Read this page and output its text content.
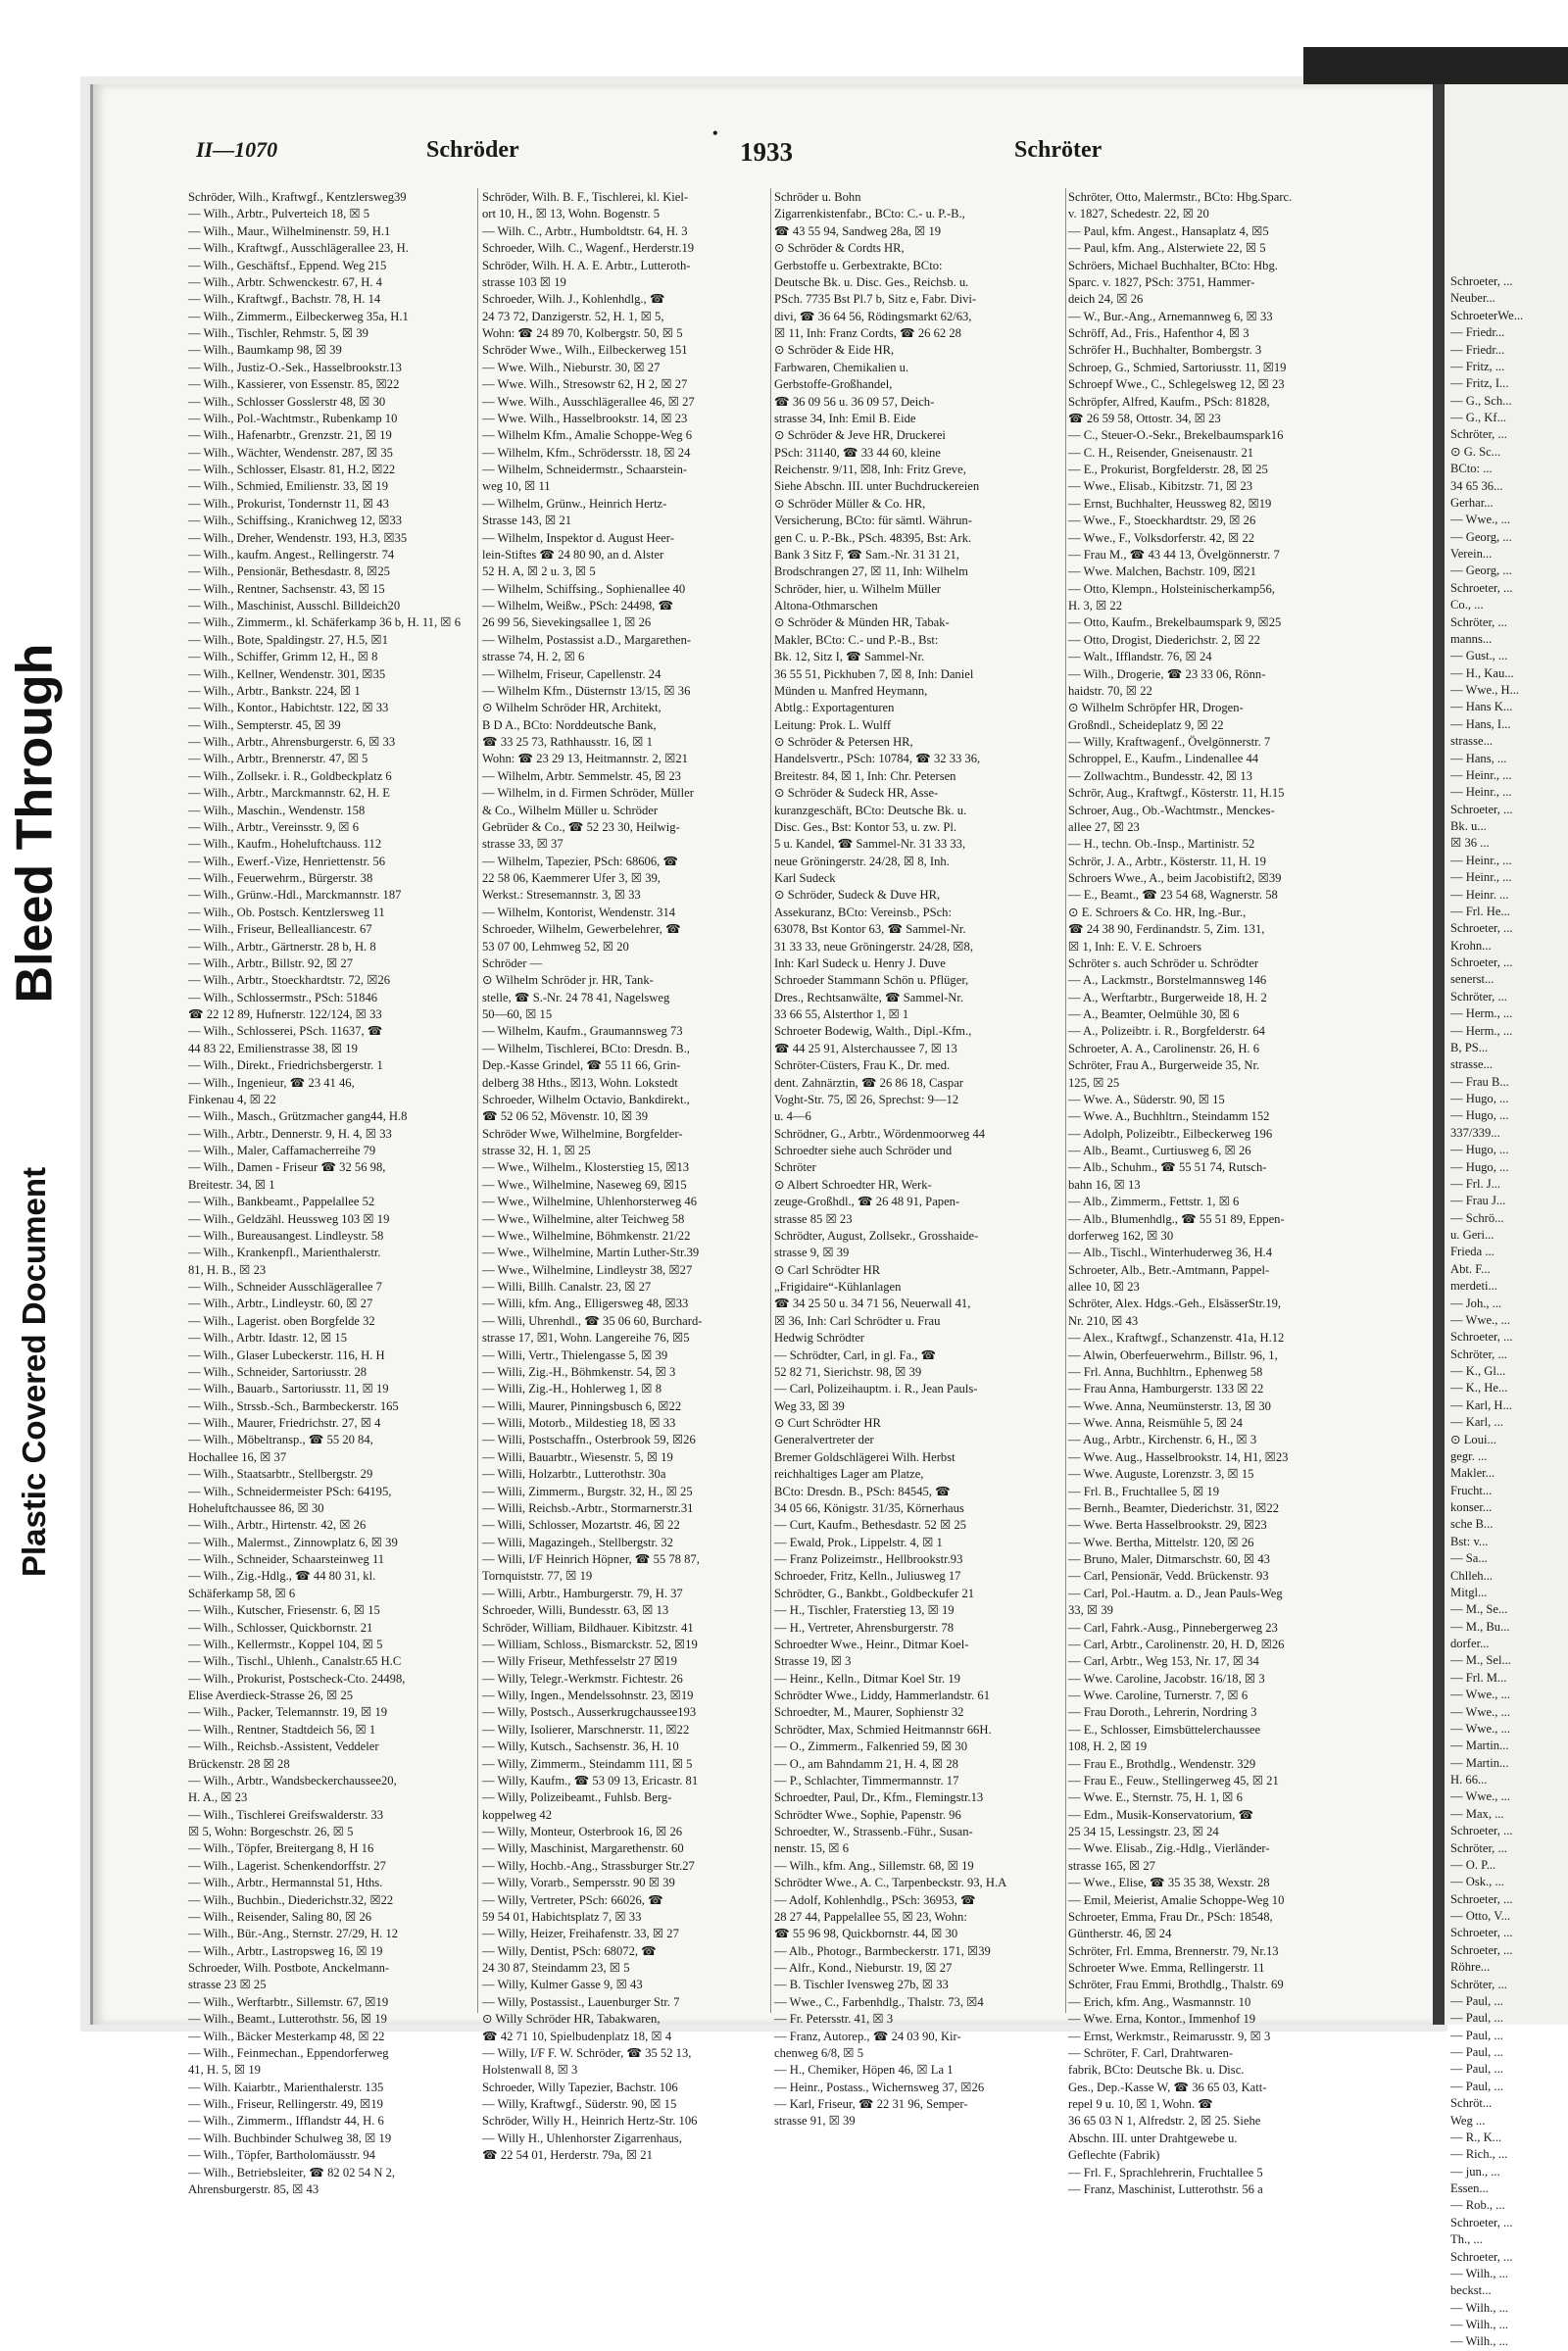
Bleed Through
Plastic Covered Document

Schroeter, ...

Neuber...

SchroeterWe...

— Friedr...

— Friedr...

— Fritz, ...

— Fritz, I...

— G., Sch...

— G., Kf...

Schröter, ...

⊙ G. Sc...

BCto: ...

34 65 36...

Gerhar...

— Wwe., ...

— Georg, ...

Verein...

— Georg, ...

Schroeter, ...

Co., ...

Schröter, ...

manns...

— Gust., ...

— H., Kau...

— Wwe., H...

— Hans K...

— Hans, I...

strasse...

— Hans, ...

— Heinr., ...

— Heinr., ...

Schroeter, ...

Bk. u...

☒ 36 ...

— Heinr., ...

— Heinr., ...

— Heinr. ...

— Frl. He...

Schroeter, ...

Krohn...

Schroeter, ...

senerst...

Schröter, ...

— Herm., ...

— Herm., ...

B, PS...

strasse...

— Frau B...

— Hugo, ...

— Hugo, ...

337/339...

— Hugo, ...

— Hugo, ...

— Frl. J...

— Frau J...

— Schrö...

u. Geri...

Frieda ...

Abt. F...

merdeti...

— Joh., ...

— Wwe., ...

Schroeter, ...

Schröter, ...

— K., Gl...

— K., He...

— Karl, H...

— Karl, ...

⊙ Loui...

gegr. ...

Makler...

Frucht...

konser...

sche B...

Bst: v...

— Sa...

Chlleh...

Mitgl...

— M., Se...

— M., Bu...

dorfer...

— M., Sel...

— Frl. M...

— Wwe., ...

— Wwe., ...

— Wwe., ...

— Martin...

— Martin...

H. 66...

— Wwe., ...

— Max, ...

Schroeter, ...

Schröter, ...

— O. P...

— Osk., ...

Schroeter, ...

— Otto, V...

Schroeter, ...

Schroeter, ...

Röhre...

Schröter, ...

— Paul, ...

— Paul, ...

— Paul, ...

— Paul, ...

— Paul, ...

— Paul, ...

Schröt...

Weg ...

— R., K...

— Rich., ...

— jun., ...

Essen...

— Rob., ...

Schroeter, ...

Th., ...

Schroeter, ...

— Wilh., ...

beckst...

— Wilh., ...

— Wilh., ...

— Wilh., ...

II—1070	Schröder
•
1933	Schröter

Schröder, Wilh., Kraftwgf., Kentzlersweg39

— Wilh., Arbtr., Pulverteich 18, ☒ 5

— Wilh., Maur., Wilhelminenstr. 59, H.1

— Wilh., Kraftwgf., Ausschlägerallee 23, H.

— Wilh., Geschäftsf., Eppend. Weg 215

— Wilh., Arbtr. Schwenckestr. 67, H. 4

— Wilh., Kraftwgf., Bachstr. 78, H. 14

— Wilh., Zimmerm., Eilbeckerweg 35a, H.1

— Wilh., Tischler, Rehmstr. 5, ☒ 39

— Wilh., Baumkamp 98, ☒ 39

— Wilh., Justiz-O.-Sek., Hasselbrookstr.13

— Wilh., Kassierer, von Essenstr. 85, ☒22

— Wilh., Schlosser Gosslerstr 48, ☒ 30

— Wilh., Pol.-Wachtmstr., Rubenkamp 10

— Wilh., Hafenarbtr., Grenzstr. 21, ☒ 19

— Wilh., Wächter, Wendenstr. 287, ☒ 35

— Wilh., Schlosser, Elsastr. 81, H.2, ☒22

— Wilh., Schmied, Emilienstr. 33, ☒ 19

— Wilh., Prokurist, Tondernstr 11, ☒ 43

— Wilh., Schiffsing., Kranichweg 12, ☒33

— Wilh., Dreher, Wendenstr. 193, H.3, ☒35

— Wilh., kaufm. Angest., Rellingerstr. 74

— Wilh., Pensionär, Bethesdastr. 8, ☒25

— Wilh., Rentner, Sachsenstr. 43, ☒ 15

— Wilh., Maschinist, Ausschl. Billdeich20

— Wilh., Zimmerm., kl. Schäferkamp 36 b, H. 11, ☒ 6

— Wilh., Bote, Spaldingstr. 27, H.5, ☒1

— Wilh., Schiffer, Grimm 12, H., ☒ 8

— Wilh., Kellner, Wendenstr. 301, ☒35

— Wilh., Arbtr., Bankstr. 224, ☒ 1

— Wilh., Kontor., Habichtstr. 122, ☒ 33

— Wilh., Sempterstr. 45, ☒ 39

— Wilh., Arbtr., Ahrensburgerstr. 6, ☒ 33

— Wilh., Arbtr., Brennerstr. 47, ☒ 5

— Wilh., Zollsekr. i. R., Goldbeckplatz 6

— Wilh., Arbtr., Marckmannstr. 62, H. E

— Wilh., Maschin., Wendenstr. 158

— Wilh., Arbtr., Vereinsstr. 9, ☒ 6

— Wilh., Kaufm., Hoheluftchauss. 112

— Wilh., Ewerf.-Vize, Henriettenstr. 56

— Wilh., Feuerwehrm., Bürgerstr. 38

— Wilh., Grünw.-Hdl., Marckmannstr. 187

— Wilh., Ob. Postsch. Kentzlersweg 11

— Wilh., Friseur, Bellealliancestr. 67

— Wilh., Arbtr., Gärtnerstr. 28 b, H. 8

— Wilh., Arbtr., Billstr. 92, ☒ 27

— Wilh., Arbtr., Stoeckhardtstr. 72, ☒26

— Wilh., Schlossermstr., PSch: 51846

☎ 22 12 89, Hufnerstr. 122/124, ☒ 33

— Wilh., Schlosserei, PSch. 11637, ☎

44 83 22, Emilienstrasse 38, ☒ 19

— Wilh., Direkt., Friedrichsbergerstr. 1

— Wilh., Ingenieur, ☎ 23 41 46,

Finkenau 4, ☒ 22

— Wilh., Masch., Grützmacher gang44, H.8

— Wilh., Arbtr., Dennerstr. 9, H. 4, ☒ 33

— Wilh., Maler, Caffamacherreihe 79

— Wilh., Damen - Friseur ☎ 32 56 98,

Breitestr. 34, ☒ 1

— Wilh., Bankbeamt., Pappelallee 52

— Wilh., Geldzähl. Heussweg 103 ☒ 19

— Wilh., Bureausangest. Lindleystr. 58

— Wilh., Krankenpfl., Marienthalerstr.

81, H. B., ☒ 23

— Wilh., Schneider Ausschlägerallee 7

— Wilh., Arbtr., Lindleystr. 60, ☒ 27

— Wilh., Lagerist. oben Borgfelde 32

— Wilh., Arbtr. Idastr. 12, ☒ 15

— Wilh., Glaser Lubeckerstr. 116, H. H

— Wilh., Schneider, Sartoriusstr. 28

— Wilh., Bauarb., Sartoriusstr. 11, ☒ 19

— Wilh., Strssb.-Sch., Barmbeckerstr. 165

— Wilh., Maurer, Friedrichstr. 27, ☒ 4

— Wilh., Möbeltransp., ☎ 55 20 84,

Hochallee 16, ☒ 37

— Wilh., Staatsarbtr., Stellbergstr. 29

— Wilh., Schneidermeister PSch: 64195,

Hoheluftchaussee 86, ☒ 30

— Wilh., Arbtr., Hirtenstr. 42, ☒ 26

— Wilh., Malermst., Zinnowplatz 6, ☒ 39

— Wilh., Schneider, Schaarsteinweg 11

— Wilh., Zig.-Hdlg., ☎ 44 80 31, kl.

Schäferkamp 58, ☒ 6

— Wilh., Kutscher, Friesenstr. 6, ☒ 15

— Wilh., Schlosser, Quickbornstr. 21

— Wilh., Kellermstr., Koppel 104, ☒ 5

— Wilh., Tischl., Uhlenh., Canalstr.65 H.C

— Wilh., Prokurist, Postscheck-Cto. 24498,

Elise Averdieck-Strasse 26, ☒ 25

— Wilh., Packer, Telemannstr. 19, ☒ 19

— Wilh., Rentner, Stadtdeich 56, ☒ 1

— Wilh., Reichsb.-Assistent, Veddeler

Brückenstr. 28 ☒ 28

— Wilh., Arbtr., Wandsbeckerchaussee20,

H. A., ☒ 23

— Wilh., Tischlerei Greifswalderstr. 33

☒ 5, Wohn: Borgeschstr. 26, ☒ 5

— Wilh., Töpfer, Breitergang 8, H 16

— Wilh., Lagerist. Schenkendorffstr. 27

— Wilh., Arbtr., Hermannstal 51, Hths.

— Wilh., Buchbin., Diederichstr.32, ☒22

— Wilh., Reisender, Saling 80, ☒ 26

— Wilh., Bür.-Ang., Sternstr. 27/29, H. 12

— Wilh., Arbtr., Lastropsweg 16, ☒ 19

Schroeder, Wilh. Postbote, Anckelmann-

strasse 23 ☒ 25

— Wilh., Werftarbtr., Sillemstr. 67, ☒19

— Wilh., Beamt., Lutterothstr. 56, ☒ 19

— Wilh., Bäcker Mesterkamp 48, ☒ 22

— Wilh., Feinmechan., Eppendorferweg

41, H. 5, ☒ 19

— Wilh. Kaiarbtr., Marienthalerstr. 135

— Wilh., Friseur, Rellingerstr. 49, ☒19

— Wilh., Zimmerm., Ifflandstr 44, H. 6

— Wilh. Buchbinder Schulweg 38, ☒ 19

— Wilh., Töpfer, Bartholomäusstr. 94

— Wilh., Betriebsleiter, ☎ 82 02 54 N 2,

Ahrensburgerstr. 85, ☒ 43

Schröder, Wilh. B. F., Tischlerei, kl. Kiel-

ort 10, H., ☒ 13, Wohn. Bogenstr. 5

— Wilh. C., Arbtr., Humboldtstr. 64, H. 3

Schroeder, Wilh. C., Wagenf., Herderstr.19

Schröder, Wilh. H. A. E. Arbtr., Lutteroth-

strasse 103 ☒ 19

Schroeder, Wilh. J., Kohlenhdlg., ☎

24 73 72, Danzigerstr. 52, H. 1, ☒ 5,

Wohn: ☎ 24 89 70, Kolbergstr. 50, ☒ 5

Schröder Wwe., Wilh., Eilbeckerweg 151

— Wwe. Wilh., Nieburstr. 30, ☒ 27

— Wwe. Wilh., Stresowstr 62, H 2, ☒ 27

— Wwe. Wilh., Ausschlägerallee 46, ☒ 27

— Wwe. Wilh., Hasselbrookstr. 14, ☒ 23

— Wilhelm Kfm., Amalie Schoppe-Weg 6

— Wilhelm, Kfm., Schrödersstr. 18, ☒ 24

— Wilhelm, Schneidermstr., Schaarstein-

weg 10, ☒ 11

— Wilhelm, Grünw., Heinrich Hertz-

Strasse 143, ☒ 21

— Wilhelm, Inspektor d. August Heer-

lein-Stiftes ☎ 24 80 90, an d. Alster

52 H. A, ☒ 2 u. 3, ☒ 5

— Wilhelm, Schiffsing., Sophienallee 40

— Wilhelm, Weißw., PSch: 24498, ☎

26 99 56, Sievekingsallee 1, ☒ 26

— Wilhelm, Postassist a.D., Margarethen-

strasse 74, H. 2, ☒ 6

— Wilhelm, Friseur, Capellenstr. 24

— Wilhelm Kfm., Düsternstr 13/15, ☒ 36

⊙ Wilhelm Schröder HR, Architekt,

B D A., BCto: Norddeutsche Bank,

☎ 33 25 73, Rathhausstr. 16, ☒ 1

Wohn: ☎ 23 29 13, Heitmannstr. 2, ☒21

— Wilhelm, Arbtr. Semmelstr. 45, ☒ 23

— Wilhelm, in d. Firmen Schröder, Müller

& Co., Wilhelm Müller u. Schröder

Gebrüder & Co., ☎ 52 23 30, Heilwig-

strasse 33, ☒ 37

— Wilhelm, Tapezier, PSch: 68606, ☎

22 58 06, Kaemmerer Ufer 3, ☒ 39,

Werkst.: Stresemannstr. 3, ☒ 33

— Wilhelm, Kontorist, Wendenstr. 314

Schroeder, Wilhelm, Gewerbelehrer, ☎

53 07 00, Lehmweg 52, ☒ 20

Schröder —

⊙ Wilhelm Schröder jr. HR, Tank-

stelle, ☎ S.-Nr. 24 78 41, Nagelsweg

50—60, ☒ 15

— Wilhelm, Kaufm., Graumannsweg 73

— Wilhelm, Tischlerei, BCto: Dresdn. B.,

Dep.-Kasse Grindel, ☎ 55 11 66, Grin-

delberg 38 Hths., ☒13, Wohn. Lokstedt

Schroeder, Wilhelm Octavio, Bankdirekt.,

☎ 52 06 52, Mövenstr. 10, ☒ 39

Schröder Wwe, Wilhelmine, Borgfelder-

strasse 32, H. 1, ☒ 25

— Wwe., Wilhelm., Klosterstieg 15, ☒13

— Wwe., Wilhelmine, Naseweg 69, ☒15

— Wwe., Wilhelmine, Uhlenhorsterweg 46

— Wwe., Wilhelmine, alter Teichweg 58

— Wwe., Wilhelmine, Böhmkenstr. 21/22

— Wwe., Wilhelmine, Martin Luther-Str.39

— Wwe., Wilhelmine, Lindleystr 38, ☒27

— Willi, Billh. Canalstr. 23, ☒ 27

— Willi, kfm. Ang., Elligersweg 48, ☒33

— Willi, Uhrenhdl., ☎ 35 06 60, Burchard-

strasse 17, ☒1, Wohn. Langereihe 76, ☒5

— Willi, Vertr., Thielengasse 5, ☒ 39

— Willi, Zig.-H., Böhmkenstr. 54, ☒ 3

— Willi, Zig.-H., Hohlerweg 1, ☒ 8

— Willi, Maurer, Pinningsbusch 6, ☒22

— Willi, Motorb., Mildestieg 18, ☒ 33

— Willi, Postschaffn., Osterbrook 59, ☒26

— Willi, Bauarbtr., Wiesenstr. 5, ☒ 19

— Willi, Holzarbtr., Lutterothstr. 30a

— Willi, Zimmerm., Burgstr. 32, H., ☒ 25

— Willi, Reichsb.-Arbtr., Stormarnerstr.31

— Willi, Schlosser, Mozartstr. 46, ☒ 22

— Willi, Magazingeh., Stellbergstr. 32

— Willi, I/F Heinrich Höpner, ☎ 55 78 87,

Tornquiststr. 77, ☒ 19

— Willi, Arbtr., Hamburgerstr. 79, H. 37

Schroeder, Willi, Bundesstr. 63, ☒ 13

Schröder, William, Bildhauer. Kibitzstr. 41

— William, Schloss., Bismarckstr. 52, ☒19

— Willy Friseur, Methfesselstr 27 ☒19

— Willy, Telegr.-Werkmstr. Fichtestr. 26

— Willy, Ingen., Mendelssohnstr. 23, ☒19

— Willy, Postsch., Ausserkrugchaussee193

— Willy, Isolierer, Marschnerstr. 11, ☒22

— Willy, Kutsch., Sachsenstr. 36, H. 10

— Willy, Zimmerm., Steindamm 111, ☒ 5

— Willy, Kaufm., ☎ 53 09 13, Ericastr. 81

— Willy, Polizeibeamt., Fuhlsb. Berg-

koppelweg 42

— Willy, Monteur, Osterbrook 16, ☒ 26

— Willy, Maschinist, Margarethenstr. 60

— Willy, Hochb.-Ang., Strassburger Str.27

— Willy, Vorarb., Sempersstr. 90 ☒ 39

— Willy, Vertreter, PSch: 66026, ☎

59 54 01, Habichtsplatz 7, ☒ 33

— Willy, Heizer, Freihafenstr. 33, ☒ 27

— Willy, Dentist, PSch: 68072, ☎

24 30 87, Steindamm 23, ☒ 5

— Willy, Kulmer Gasse 9, ☒ 43

— Willy, Postassist., Lauenburger Str. 7

⊙ Willy Schröder HR, Tabakwaren,

☎ 42 71 10, Spielbudenplatz 18, ☒ 4

— Willy, I/F F. W. Schröder, ☎ 35 52 13,

Holstenwall 8, ☒ 3

Schroeder, Willy Tapezier, Bachstr. 106

— Willy, Kraftwgf., Süderstr. 90, ☒ 15

Schröder, Willy H., Heinrich Hertz-Str. 106

— Willy H., Uhlenhorster Zigarrenhaus,

☎ 22 54 01, Herderstr. 79a, ☒ 21

Schröder u. Bohn

Zigarrenkistenfabr., BCto: C.- u. P.-B.,

☎ 43 55 94, Sandweg 28a, ☒ 19

⊙ Schröder & Cordts HR,

Gerbstoffe u. Gerbextrakte, BCto:

Deutsche Bk. u. Disc. Ges., Reichsb. u.

PSch. 7735 Bst Pl.7 b, Sitz e, Fabr. Divi-

divi, ☎ 36 64 56, Rödingsmarkt 62/63,

☒ 11, Inh: Franz Cordts, ☎ 26 62 28

⊙ Schröder & Eide HR,

Farbwaren, Chemikalien u.

Gerbstoffe-Großhandel,

☎ 36 09 56 u. 36 09 57, Deich-

strasse 34, Inh: Emil B. Eide

⊙ Schröder & Jeve HR, Druckerei

PSch: 31140, ☎ 33 44 60, kleine

Reichenstr. 9/11, ☒8, Inh: Fritz Greve,

Siehe Abschn. III. unter Buchdruckereien

⊙ Schröder Müller & Co. HR,

Versicherung, BCto: für sämtl. Währun-

gen C. u. P.-Bk., PSch. 48395, Bst: Ark.

Bank 3 Sitz F, ☎ Sam.-Nr. 31 31 21,

Brodschrangen 27, ☒ 11, Inh: Wilhelm

Schröder, hier, u. Wilhelm Müller

Altona-Othmarschen

⊙ Schröder & Münden HR, Tabak-

Makler, BCto: C.- und P.-B., Bst:

Bk. 12, Sitz I, ☎ Sammel-Nr.

36 55 51, Pickhuben 7, ☒ 8, Inh: Daniel

Münden u. Manfred Heymann,

Abtlg.: Exportagenturen

Leitung: Prok. L. Wulff

⊙ Schröder & Petersen HR,

Handelsvertr., PSch: 10784, ☎ 32 33 36,

Breitestr. 84, ☒ 1, Inh: Chr. Petersen

⊙ Schröder & Sudeck HR, Asse-

kuranzgeschäft, BCto: Deutsche Bk. u.

Disc. Ges., Bst: Kontor 53, u. zw. Pl.

5 u. Kandel, ☎ Sammel-Nr. 31 33 33,

neue Gröningerstr. 24/28, ☒ 8, Inh.

Karl Sudeck

⊙ Schröder, Sudeck & Duve HR,

Assekuranz, BCto: Vereinsb., PSch:

63078, Bst Kontor 63, ☎ Sammel-Nr.

31 33 33, neue Gröningerstr. 24/28, ☒8,

Inh: Karl Sudeck u. Henry J. Duve

Schroeder Stammann Schön u. Pflüger,

Dres., Rechtsanwälte, ☎ Sammel-Nr.

33 66 55, Alsterthor 1, ☒ 1

Schroeter Bodewig, Walth., Dipl.-Kfm.,

☎ 44 25 91, Alsterchaussee 7, ☒ 13

Schröter-Cüsters, Frau K., Dr. med.

dent. Zahnärztin, ☎ 26 86 18, Caspar

Voght-Str. 75, ☒ 26, Sprechst: 9—12

u. 4—6

Schrödner, G., Arbtr., Wördenmoorweg 44

Schroedter siehe auch Schröder und

Schröter

⊙ Albert Schroedter HR, Werk-

zeuge-Großhdl., ☎ 26 48 91, Papen-

strasse 85 ☒ 23

Schrödter, August, Zollsekr., Grosshaide-

strasse 9, ☒ 39

⊙ Carl Schrödter HR

„Frigidaire“-Kühlanlagen

☎ 34 25 50 u. 34 71 56, Neuerwall 41,

☒ 36, Inh: Carl Schrödter u. Frau

Hedwig Schrödter

— Schrödter, Carl, in gl. Fa., ☎

52 82 71, Sierichstr. 98, ☒ 39

— Carl, Polizeihauptm. i. R., Jean Pauls-

Weg 33, ☒ 39

⊙ Curt Schrödter HR

Generalvertreter der

Bremer Goldschlägerei Wilh. Herbst

reichhaltiges Lager am Platze,

BCto: Dresdn. B., PSch: 84545, ☎

34 05 66, Königstr. 31/35, Körnerhaus

— Curt, Kaufm., Bethesdastr. 52 ☒ 25

— Ewald, Prok., Lippelstr. 4, ☒ 1

— Franz Polizeimstr., Hellbrookstr.93

Schroeder, Fritz, Kelln., Juliusweg 17

Schrödter, G., Bankbt., Goldbeckufer 21

— H., Tischler, Fraterstieg 13, ☒ 19

— H., Vertreter, Ahrensburgerstr. 78

Schroedter Wwe., Heinr., Ditmar Koel-

Strasse 19, ☒ 3

— Heinr., Kelln., Ditmar Koel Str. 19

Schrödter Wwe., Liddy, Hammerlandstr. 61

Schroedter, M., Maurer, Sophienstr 32

Schrödter, Max, Schmied Heitmannstr 66H.

— O., Zimmerm., Falkenried 59, ☒ 30

— O., am Bahndamm 21, H. 4, ☒ 28

— P., Schlachter, Timmermannstr. 17

Schroedter, Paul, Dr., Kfm., Flemingstr.13

Schrödter Wwe., Sophie, Papenstr. 96

Schroedter, W., Strassenb.-Führ., Susan-

nenstr. 15, ☒ 6

— Wilh., kfm. Ang., Sillemstr. 68, ☒ 19

Schrödter Wwe., A. C., Tarpenbeckstr. 93, H.A

— Adolf, Kohlenhdlg., PSch: 36953, ☎

28 27 44, Pappelallee 55, ☒ 23, Wohn:

☎ 55 96 98, Quickbornstr. 44, ☒ 30

— Alb., Photogr., Barmbeckerstr. 171, ☒39

— Alfr., Kond., Nieburstr. 19, ☒ 27

— B. Tischler Ivensweg 27b, ☒ 33

— Wwe., C., Farbenhdlg., Thalstr. 73, ☒4

— Fr. Petersstr. 41, ☒ 3

— Franz, Autorep., ☎ 24 03 90, Kir-

chenweg 6/8, ☒ 5

— H., Chemiker, Höpen 46, ☒ La 1

— Heinr., Postass., Wichernsweg 37, ☒26

— Karl, Friseur, ☎ 22 31 96, Semper-

strasse 91, ☒ 39

Schröter, Otto, Malermstr., BCto: Hbg.Sparc.

v. 1827, Schedestr. 22, ☒ 20

— Paul, kfm. Angest., Hansaplatz 4, ☒5

— Paul, kfm. Ang., Alsterwiete 22, ☒ 5

Schröers, Michael Buchhalter, BCto: Hbg.

Sparc. v. 1827, PSch: 3751, Hammer-

deich 24, ☒ 26

— W., Bur.-Ang., Arnemannweg 6, ☒ 33

Schröff, Ad., Fris., Hafenthor 4, ☒ 3

Schröfer H., Buchhalter, Bombergstr. 3

Schroep, G., Schmied, Sartoriusstr. 11, ☒19

Schroepf Wwe., C., Schlegelsweg 12, ☒ 23

Schröpfer, Alfred, Kaufm., PSch: 81828,

☎ 26 59 58, Ottostr. 34, ☒ 23

— C., Steuer-O.-Sekr., Brekelbaumspark16

— C. H., Reisender, Gneisenaustr. 21

— E., Prokurist, Borgfelderstr. 28, ☒ 25

— Wwe., Elisab., Kibitzstr. 71, ☒ 23

— Ernst, Buchhalter, Heussweg 82, ☒19

— Wwe., F., Stoeckhardtstr. 29, ☒ 26

— Wwe., F., Volksdorferstr. 42, ☒ 22

— Frau M., ☎ 43 44 13, Övelgönnerstr. 7

— Wwe. Malchen, Bachstr. 109, ☒21

— Otto, Klempn., Holsteinischerkamp56,

H. 3, ☒ 22

— Otto, Kaufm., Brekelbaumspark 9, ☒25

— Otto, Drogist, Diederichstr. 2, ☒ 22

— Walt., Ifflandstr. 76, ☒ 24

— Wilh., Drogerie, ☎ 23 33 06, Rönn-

haidstr. 70, ☒ 22

⊙ Wilhelm Schröpfer HR, Drogen-

Großndl., Scheideplatz 9, ☒ 22

— Willy, Kraftwagenf., Övelgönnerstr. 7

Schroppel, E., Kaufm., Lindenallee 44

— Zollwachtm., Bundesstr. 42, ☒ 13

Schrör, Aug., Kraftwgf., Kösterstr. 11, H.15

Schroer, Aug., Ob.-Wachtmstr., Menckes-

allee 27, ☒ 23

— H., techn. Ob.-Insp., Martinistr. 52

Schrör, J. A., Arbtr., Kösterstr. 11, H. 19

Schroers Wwe., A., beim Jacobistift2, ☒39

— E., Beamt., ☎ 23 54 68, Wagnerstr. 58

⊙ E. Schroers & Co. HR, Ing.-Bur.,

☎ 24 38 90, Ferdinandstr. 5, Zim. 131,

☒ 1, Inh: E. V. E. Schroers

Schröter s. auch Schröder u. Schrödter

— A., Lackmstr., Borstelmannsweg 146

— A., Werftarbtr., Burgerweide 18, H. 2

— A., Beamter, Oelmühle 30, ☒ 6

— A., Polizeibtr. i. R., Borgfelderstr. 64

Schroeter, A. A., Carolinenstr. 26, H. 6

Schröter, Frau A., Burgerweide 35, Nr.

125, ☒ 25

— Wwe. A., Süderstr. 90, ☒ 15

— Wwe. A., Buchhltrn., Steindamm 152

— Adolph, Polizeibtr., Eilbeckerweg 196

— Alb., Beamt., Curtiusweg 6, ☒ 26

— Alb., Schuhm., ☎ 55 51 74, Rutsch-

bahn 16, ☒ 13

— Alb., Zimmerm., Fettstr. 1, ☒ 6

— Alb., Blumenhdlg., ☎ 55 51 89, Eppen-

dorferweg 162, ☒ 30

— Alb., Tischl., Winterhuderweg 36, H.4

Schroeter, Alb., Betr.-Amtmann, Pappel-

allee 10, ☒ 23

Schröter, Alex. Hdgs.-Geh., ElsässerStr.19,

Nr. 210, ☒ 43

— Alex., Kraftwgf., Schanzenstr. 41a, H.12

— Alwin, Oberfeuerwehrm., Billstr. 96, 1,

— Frl. Anna, Buchhltrn., Ephenweg 58

— Frau Anna, Hamburgerstr. 133 ☒ 22

— Wwe. Anna, Neumünsterstr. 13, ☒ 30

— Wwe. Anna, Reismühle 5, ☒ 24

— Aug., Arbtr., Kirchenstr. 6, H., ☒ 3

— Wwe. Aug., Hasselbrookstr. 14, H1, ☒23

— Wwe. Auguste, Lorenzstr. 3, ☒ 15

— Frl. B., Fruchtallee 5, ☒ 19

— Bernh., Beamter, Diederichstr. 31, ☒22

— Wwe. Berta Hasselbrookstr. 29, ☒23

— Wwe. Bertha, Mittelstr. 120, ☒ 26

— Bruno, Maler, Ditmarschstr. 60, ☒ 43

— Carl, Pensionär, Vedd. Brückenstr. 93

— Carl, Pol.-Hautm. a. D., Jean Pauls-Weg

33, ☒ 39

— Carl, Fahrk.-Ausg., Pinnebergerweg 23

— Carl, Arbtr., Carolinenstr. 20, H. D, ☒26

— Carl, Arbtr., Weg 153, Nr. 17, ☒ 34

— Wwe. Caroline, Jacobstr. 16/18, ☒ 3

— Wwe. Caroline, Turnerstr. 7, ☒ 6

— Frau Doroth., Lehrerin, Nordring 3

— E., Schlosser, Eimsbüttelerchaussee

108, H. 2, ☒ 19

— Frau E., Brothdlg., Wendenstr. 329

— Frau E., Feuw., Stellingerweg 45, ☒ 21

— Wwe. E., Sternstr. 75, H. 1, ☒ 6

— Edm., Musik-Konservatorium, ☎

25 34 15, Lessingstr. 23, ☒ 24

— Wwe. Elisab., Zig.-Hdlg., Vierländer-

strasse 165, ☒ 27

— Wwe., Elise, ☎ 35 35 38, Wexstr. 28

— Emil, Meierist, Amalie Schoppe-Weg 10

Schroeter, Emma, Frau Dr., PSch: 18548,

Güntherstr. 46, ☒ 24

Schröter, Frl. Emma, Brennerstr. 79, Nr.13

Schroeter Wwe. Emma, Rellingerstr. 11

Schröter, Frau Emmi, Brothdlg., Thalstr. 69

— Erich, kfm. Ang., Wasmannstr. 10

— Wwe. Erna, Kontor., Immenhof 19

— Ernst, Werkmstr., Reimarusstr. 9, ☒ 3

— Schröter, F. Carl, Drahtwaren-

fabrik, BCto: Deutsche Bk. u. Disc.

Ges., Dep.-Kasse W, ☎ 36 65 03, Katt-

repel 9 u. 10, ☒ 1, Wohn. ☎

36 65 03 N 1, Alfredstr. 2, ☒ 25. Siehe

Abschn. III. unter Drahtgewebe u.

Geflechte (Fabrik)

— Frl. F., Sprachlehrerin, Fruchtallee 5

— Franz, Maschinist, Lutterothstr. 56 a
